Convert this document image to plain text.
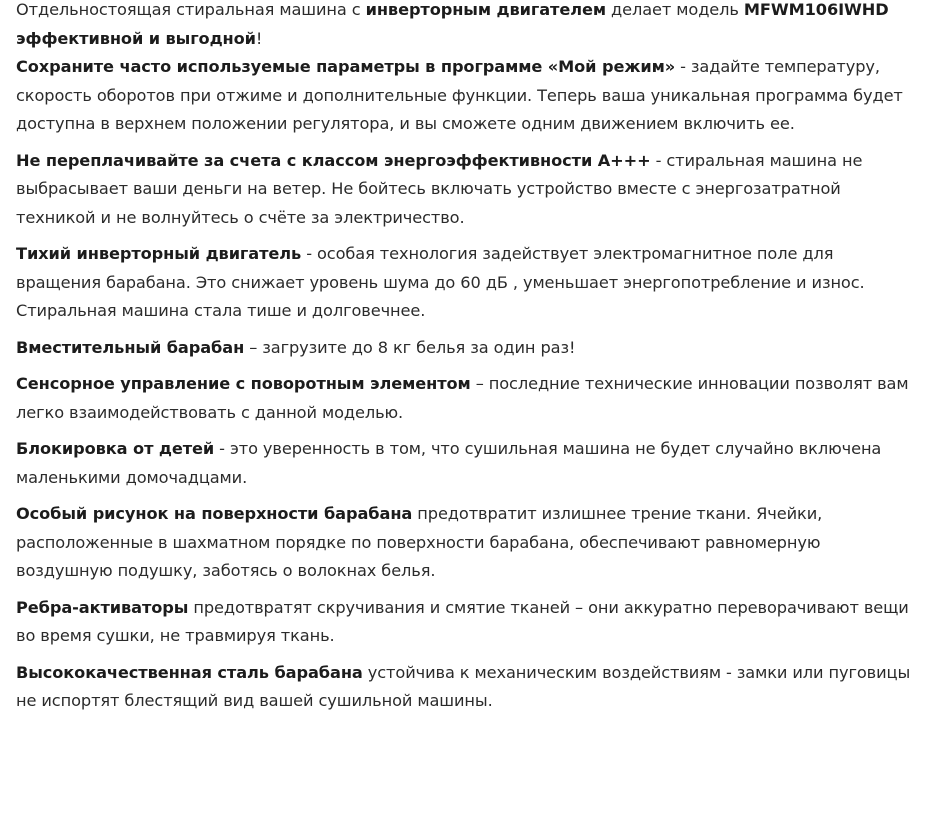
Отдельностоящая стиральная машина с инверторным двигателем делает модель MFWM106IWHD эффективной и выгодной!

Сохраните часто используемые параметры в программе «Мой режим» - задайте температуру, скорость оборотов при отжиме и дополнительные функции. Теперь ваша уникальная программа будет доступна в верхнем положении регулятора, и вы сможете одним движением включить ее.

Не переплачивайте за счета с классом энергоэффективности А+++ - стиральная машина не выбрасывает ваши деньги на ветер. Не бойтесь включать устройство вместе с энергозатратной техникой и не волнуйтесь о счёте за электричество.

Тихий инверторный двигатель - особая технология задействует электромагнитное поле для вращения барабана. Это снижает уровень шума до 60 дБ , уменьшает энергопотребление и износ. Стиральная машина стала тише и долговечнее.

Вместительный барабан – загрузите до 8 кг белья за один раз!

Сенсорное управление с поворотным элементом – последние технические инновации позволят вам легко взаимодействовать с данной моделью.

Блокировка от детей - это уверенность в том, что сушильная машина не будет случайно включена маленькими домочадцами.

Особый рисунок на поверхности барабана предотвратит излишнее трение ткани. Ячейки, расположенные в шахматном порядке по поверхности барабана, обеспечивают равномерную воздушную подушку, заботясь о волокнах белья.

Ребра-активаторы предотвратят скручивания и смятие тканей – они аккуратно переворачивают вещи во время сушки, не травмируя ткань.

Высококачественная сталь барабана устойчива к механическим воздействиям - замки или пуговицы не испортят блестящий вид вашей сушильной машины.
